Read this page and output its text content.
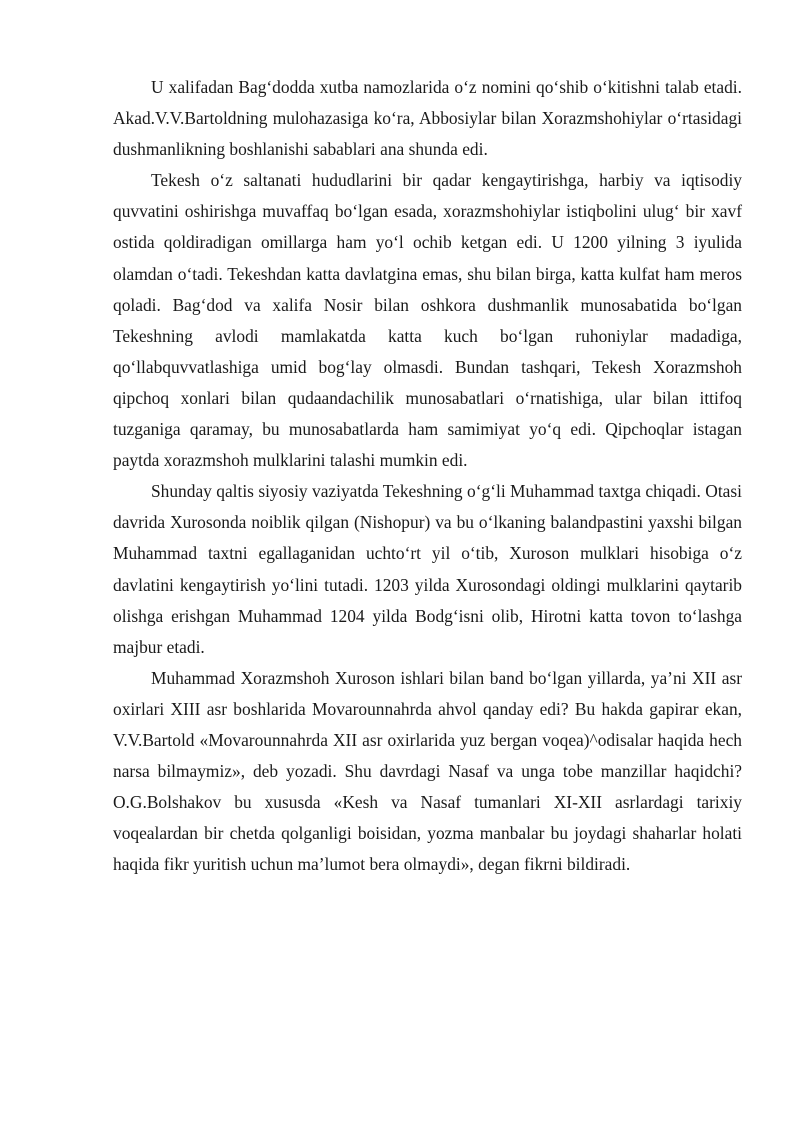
U xalifadan Bag‘dodda xutba namozlarida o‘z nomini qo‘shib o‘kitishni talab etadi. Akad.V.V.Bartoldning mulohazasiga ko‘ra, Abbosiylar bilan Xorazmshohiylar o‘rtasidagi dushmanlikning boshlanishi sabablari ana shunda edi.

Tekesh o‘z saltanati hududlarini bir qadar kengaytirishga, harbiy va iqtisodiy quvvatini oshirishga muvaffaq bo‘lgan esada, xorazmshohiylar istiqbolini ulug‘ bir xavf ostida qoldiradigan omillarga ham yo‘l ochib ketgan edi. U 1200 yilning 3 iyulida olamdan o‘tadi. Tekeshdan katta davlatgina emas, shu bilan birga, katta kulfat ham meros qoladi. Bag‘dod va xalifa Nosir bilan oshkora dushmanlik munosabatida bo‘lgan Tekeshning avlodi mamlakatda katta kuch bo‘lgan ruhoniylar madadiga, qo‘llabquvvatlashiga umid bog‘lay olmasdi. Bundan tashqari, Tekesh Xorazmshoh qipchoq xonlari bilan qudaandachilik munosabatlari o‘rnatishiga, ular bilan ittifoq tuzganiga qaramay, bu munosabatlarda ham samimiyat yo‘q edi. Qipchoqlar istagan paytda xorazmshoh mulklarini talashi mumkin edi.

Shunday qaltis siyosiy vaziyatda Tekeshning o‘g‘li Muhammad taxtga chiqadi. Otasi davrida Xurosonda noiblik qilgan (Nishopur) va bu o‘lkaning balandpastini yaxshi bilgan Muhammad taxtni egallaganidan uchto‘rt yil o‘tib, Xuroson mulklari hisobiga o‘z davlatini kengaytirish yo‘lini tutadi. 1203 yilda Xurosondagi oldingi mulklarini qaytarib olishga erishgan Muhammad 1204 yilda Bodg‘isni olib, Hirotni katta tovon to‘lashga majbur etadi.

Muhammad Xorazmshoh Xuroson ishlari bilan band bo‘lgan yillarda, ya’ni XII asr oxirlari XIII asr boshlarida Movarounnahrda ahvol qanday edi? Bu hakda gapirar ekan, V.V.Bartold «Movarounnahrda XII asr oxirlarida yuz bergan voqea)^odisalar haqida hech narsa bilmaymiz», deb yozadi. Shu davrdagi Nasaf va unga tobe manzillar haqidchi? O.G.Bolshakov bu xususda «Kesh va Nasaf tumanlari XI-XII asrlardagi tarixiy voqealardan bir chetda qolganligi boisidan, yozma manbalar bu joydagi shaharlar holati haqida fikr yuritish uchun ma’lumot bera olmaydi», degan fikrni bildiradi.
